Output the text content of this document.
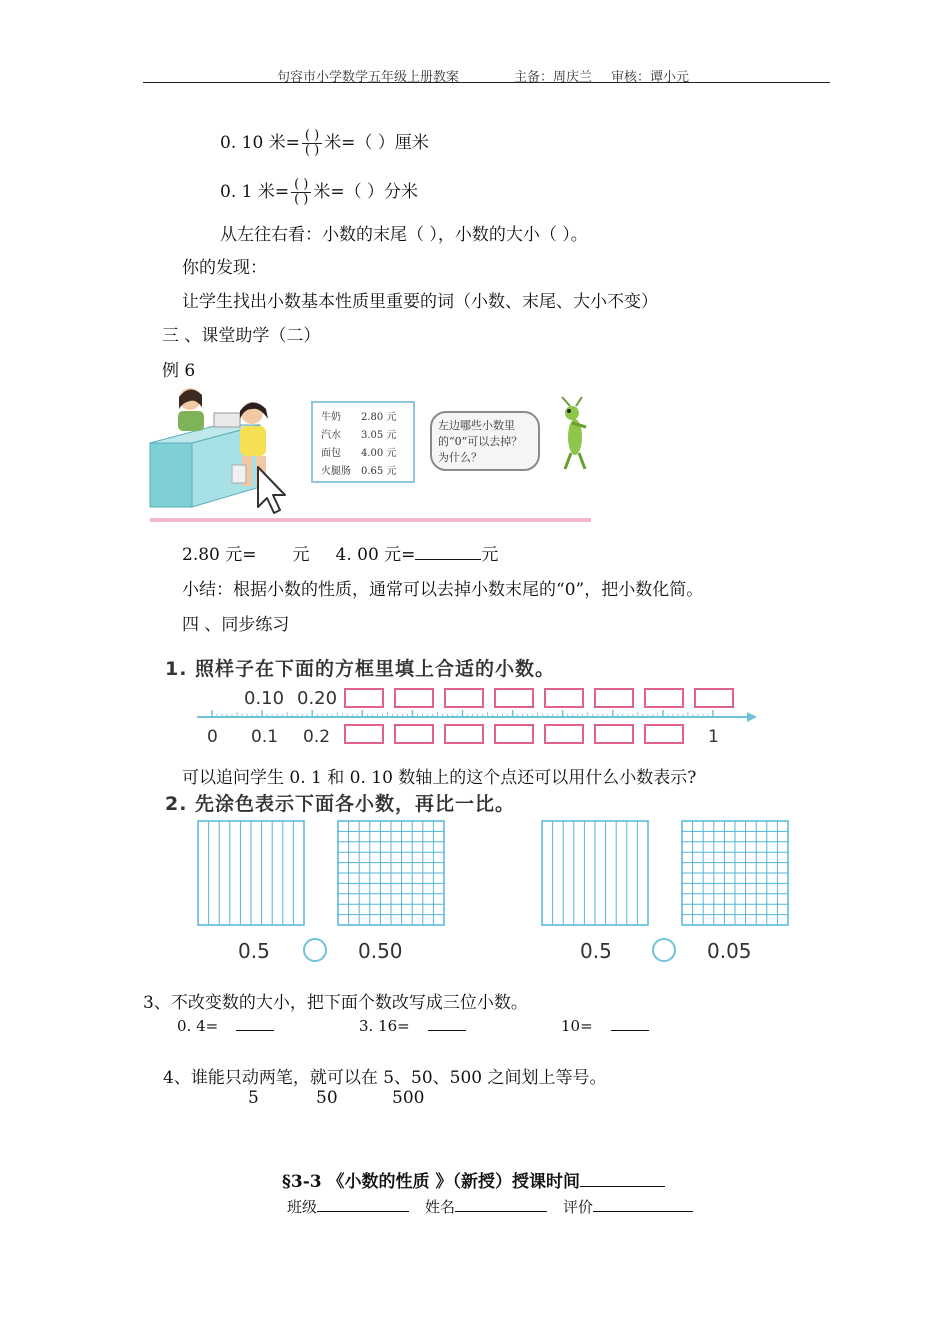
句容市小学数学五年级上册教案	主备：周庆兰 审核：谭小元
0. 10 米= $\frac{( )}{( )}$ 米=（ ）厘米
0. 1 米= $\frac{( )}{( )}$ 米=（ ）分米
从左往右看：小数的末尾（ ），小数的大小（ ）。
你的发现：
让学生找出小数基本性质里重要的词（小数、末尾、大小不变）
三 、课堂助学（二）
例 6
牛奶 2.80 元
汽水 3.05 元
面包 4.00 元
火腿肠 0.65 元
左边哪些小数里的“0”可以去掉？为什么？
2.80 元= 元 4. 00 元=	元
小结：根据小数的性质，通常可以去掉小数末尾的“0”，把小数化简。
四 、同步练习
1. 照样子在下面的方框里填上合适的小数。
0.10 0.20
0 0.1 0.2	1
可以追问学生 0. 1 和 0. 10 数轴上的这个点还可以用什么小数表示?
2. 先涂色表示下面各小数，再比一比。
0.5	0.50	0.5	0.05
3、不改变数的大小，把下面个数改写成三位小数。
0. 4=	3. 16=	10=
4、谁能只动两笔，就可以在 5、50、500 之间划上等号。
5	50	500
§3-3 《小数的性质 》（新授）授课时间
班级	姓名	评价
